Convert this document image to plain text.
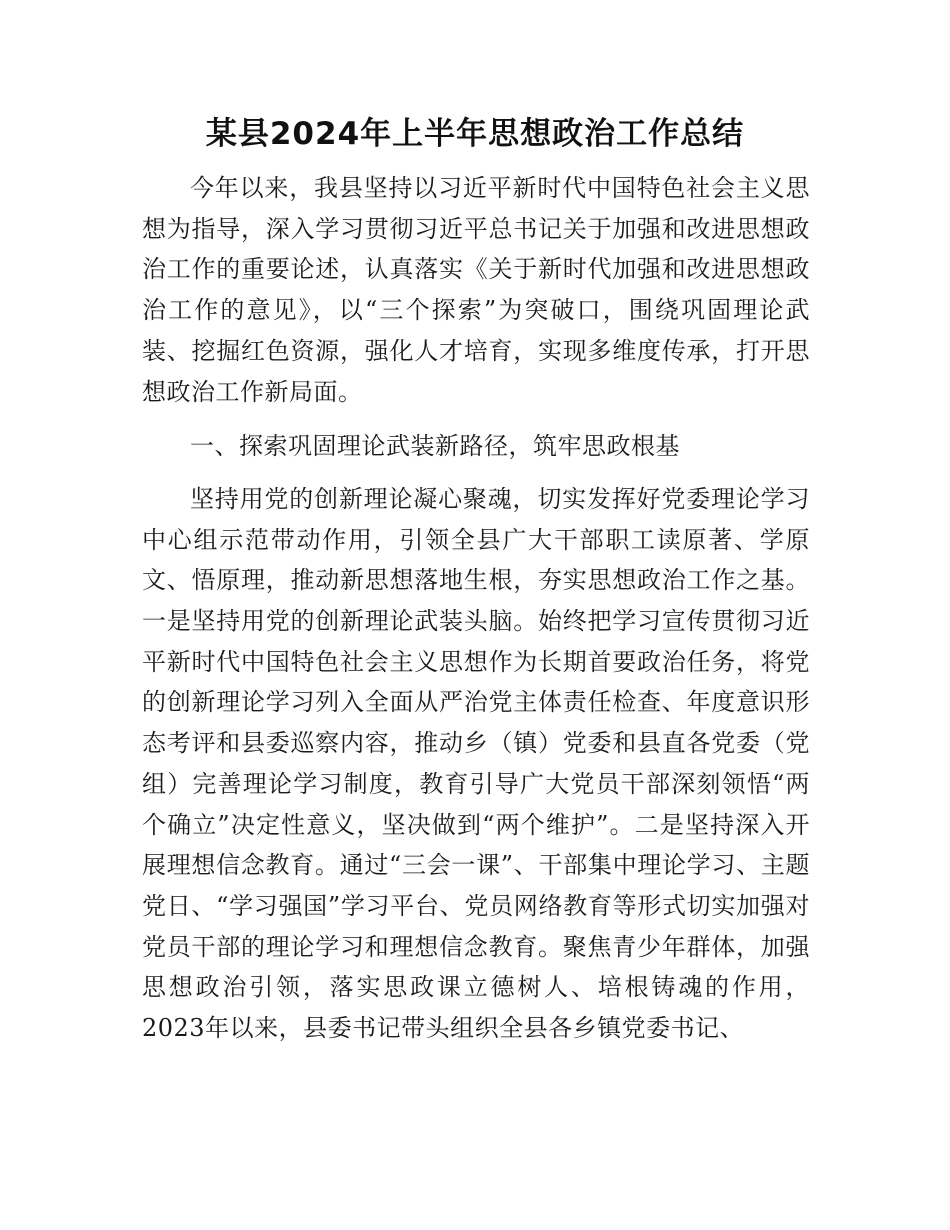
某县2024年上半年思想政治工作总结

今年以来，我县坚持以习近平新时代中国特色社会主义思想为指导，深入学习贯彻习近平总书记关于加强和改进思想政治工作的重要论述，认真落实《关于新时代加强和改进思想政治工作的意见》，以“三个探索”为突破口，围绕巩固理论武装、挖掘红色资源，强化人才培育，实现多维度传承，打开思想政治工作新局面。

一、探索巩固理论武装新路径，筑牢思政根基

坚持用党的创新理论凝心聚魂，切实发挥好党委理论学习中心组示范带动作用，引领全县广大干部职工读原著、学原文、悟原理，推动新思想落地生根，夯实思想政治工作之基。一是坚持用党的创新理论武装头脑。始终把学习宣传贯彻习近平新时代中国特色社会主义思想作为长期首要政治任务，将党的创新理论学习列入全面从严治党主体责任检查、年度意识形态考评和县委巡察内容，推动乡（镇）党委和县直各党委（党组）完善理论学习制度，教育引导广大党员干部深刻领悟“两个确立”决定性意义，坚决做到“两个维护”。二是坚持深入开展理想信念教育。通过“三会一课”、干部集中理论学习、主题党日、“学习强国”学习平台、党员网络教育等形式切实加强对党员干部的理论学习和理想信念教育。聚焦青少年群体，加强思想政治引领，落实思政课立德树人、培根铸魂的作用，2023年以来，县委书记带头组织全县各乡镇党委书记、
